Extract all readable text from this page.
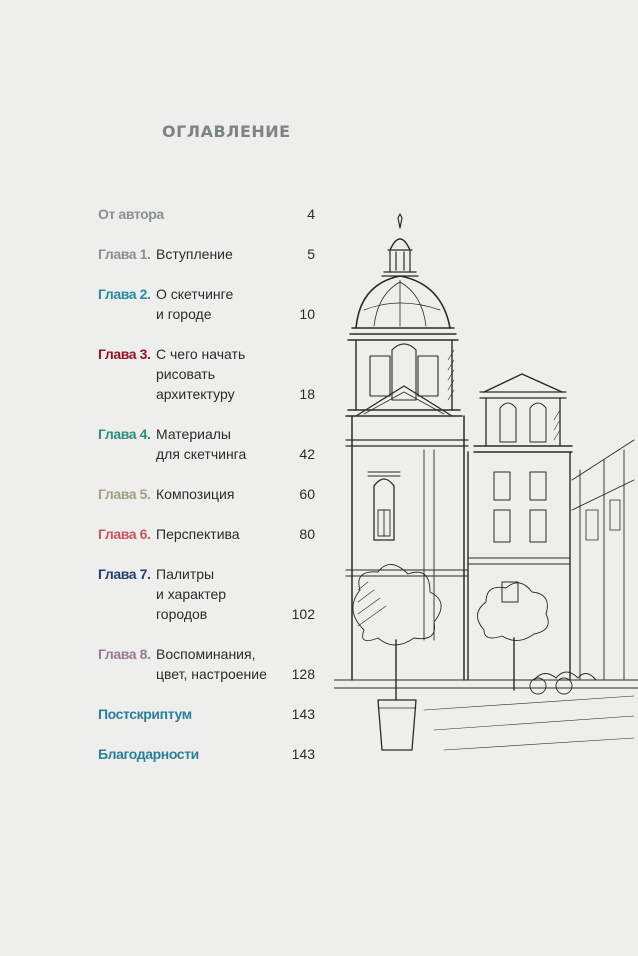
ОГЛАВЛЕНИЕ
От автора	4
Глава 1. Вступление	5
Глава 2. О скетчинге
и городе	10
Глава 3. С чего начать
рисовать
архитектуру	18
Глава 4. Материалы
для скетчинга	42
Глава 5. Композиция	60
Глава 6. Перспектива	80
Глава 7. Палитры
и характер
городов	102
Глава 8. Воспоминания,
цвет, настроение	128
Постскриптум	143
Благодарности	143
